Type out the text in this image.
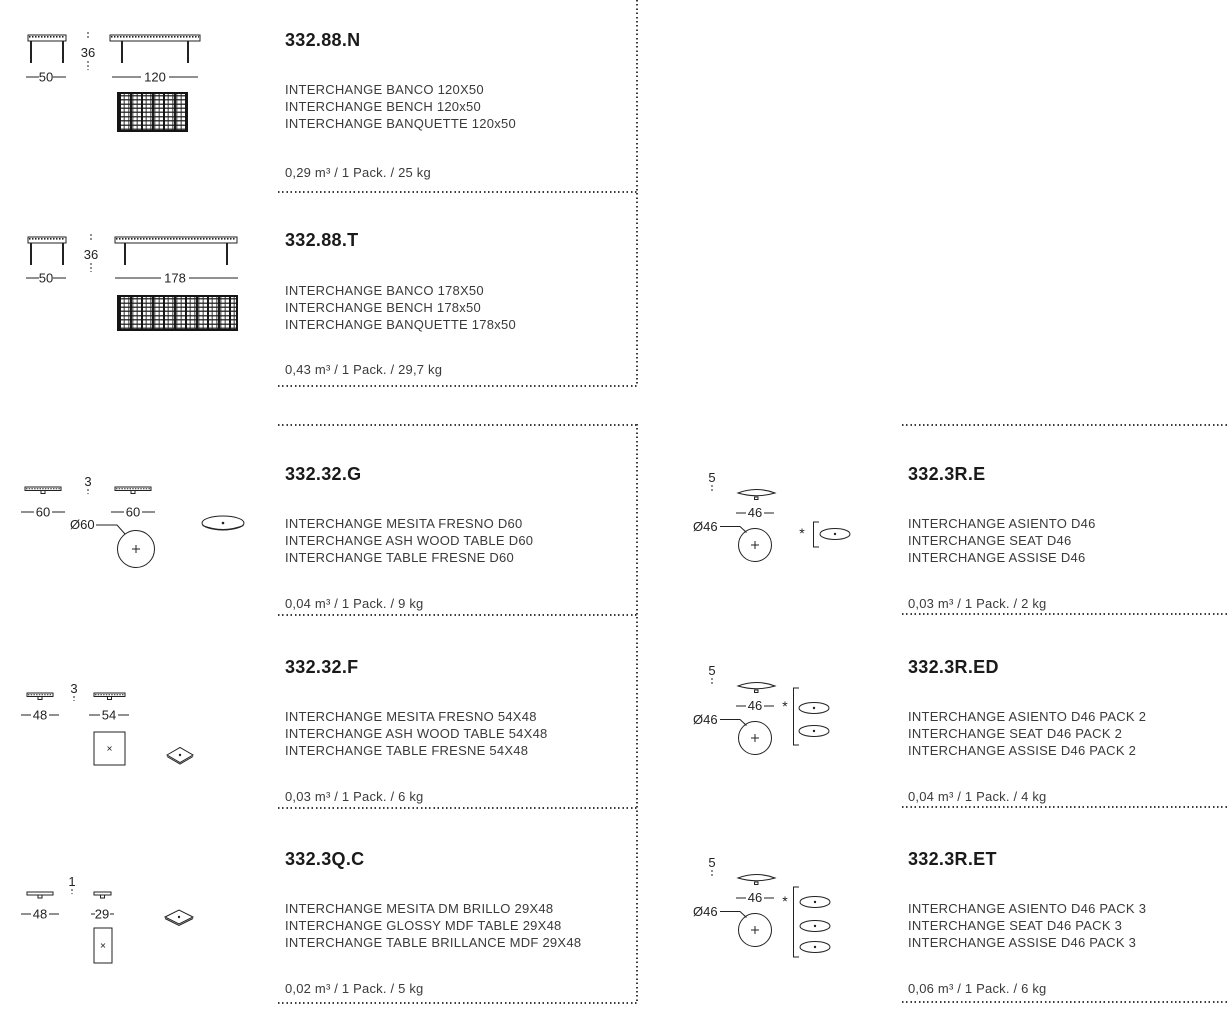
50
36
120
332.88.N
INTERCHANGE BANCO 120X50
INTERCHANGE BENCH 120x50
INTERCHANGE BANQUETTE 120x50
0,29 m³ / 1 Pack. / 25 kg
50
36
178
332.88.T
INTERCHANGE BANCO 178X50
INTERCHANGE BENCH 178x50
INTERCHANGE BANQUETTE 178x50
0,43 m³ / 1 Pack. / 29,7 kg
3
60	60
Ø60
332.32.G
INTERCHANGE MESITA FRESNO D60
INTERCHANGE ASH WOOD TABLE D60
INTERCHANGE TABLE FRESNE D60
0,04 m³ / 1 Pack. / 9 kg
3
48	54
332.32.F
INTERCHANGE MESITA FRESNO 54X48
INTERCHANGE ASH WOOD TABLE 54X48
INTERCHANGE TABLE FRESNE 54X48
0,03 m³ / 1 Pack. / 6 kg
1
48	29
332.3Q.C
INTERCHANGE MESITA DM BRILLO 29X48
INTERCHANGE GLOSSY MDF TABLE 29X48
INTERCHANGE TABLE BRILLANCE MDF 29X48
0,02 m³ / 1 Pack. / 5 kg
5
46
Ø46	*
332.3R.E
INTERCHANGE ASIENTO D46
INTERCHANGE SEAT D46
INTERCHANGE ASSISE D46
0,03 m³ / 1 Pack. / 2 kg
*
5
46
Ø46
332.3R.ED
INTERCHANGE ASIENTO D46 PACK 2
INTERCHANGE SEAT D46 PACK 2
INTERCHANGE ASSISE D46 PACK 2
0,04 m³ / 1 Pack. / 4 kg
*
5
46
Ø46
332.3R.ET
INTERCHANGE ASIENTO D46 PACK 3
INTERCHANGE SEAT D46 PACK 3
INTERCHANGE ASSISE D46 PACK 3
0,06 m³ / 1 Pack. / 6 kg
